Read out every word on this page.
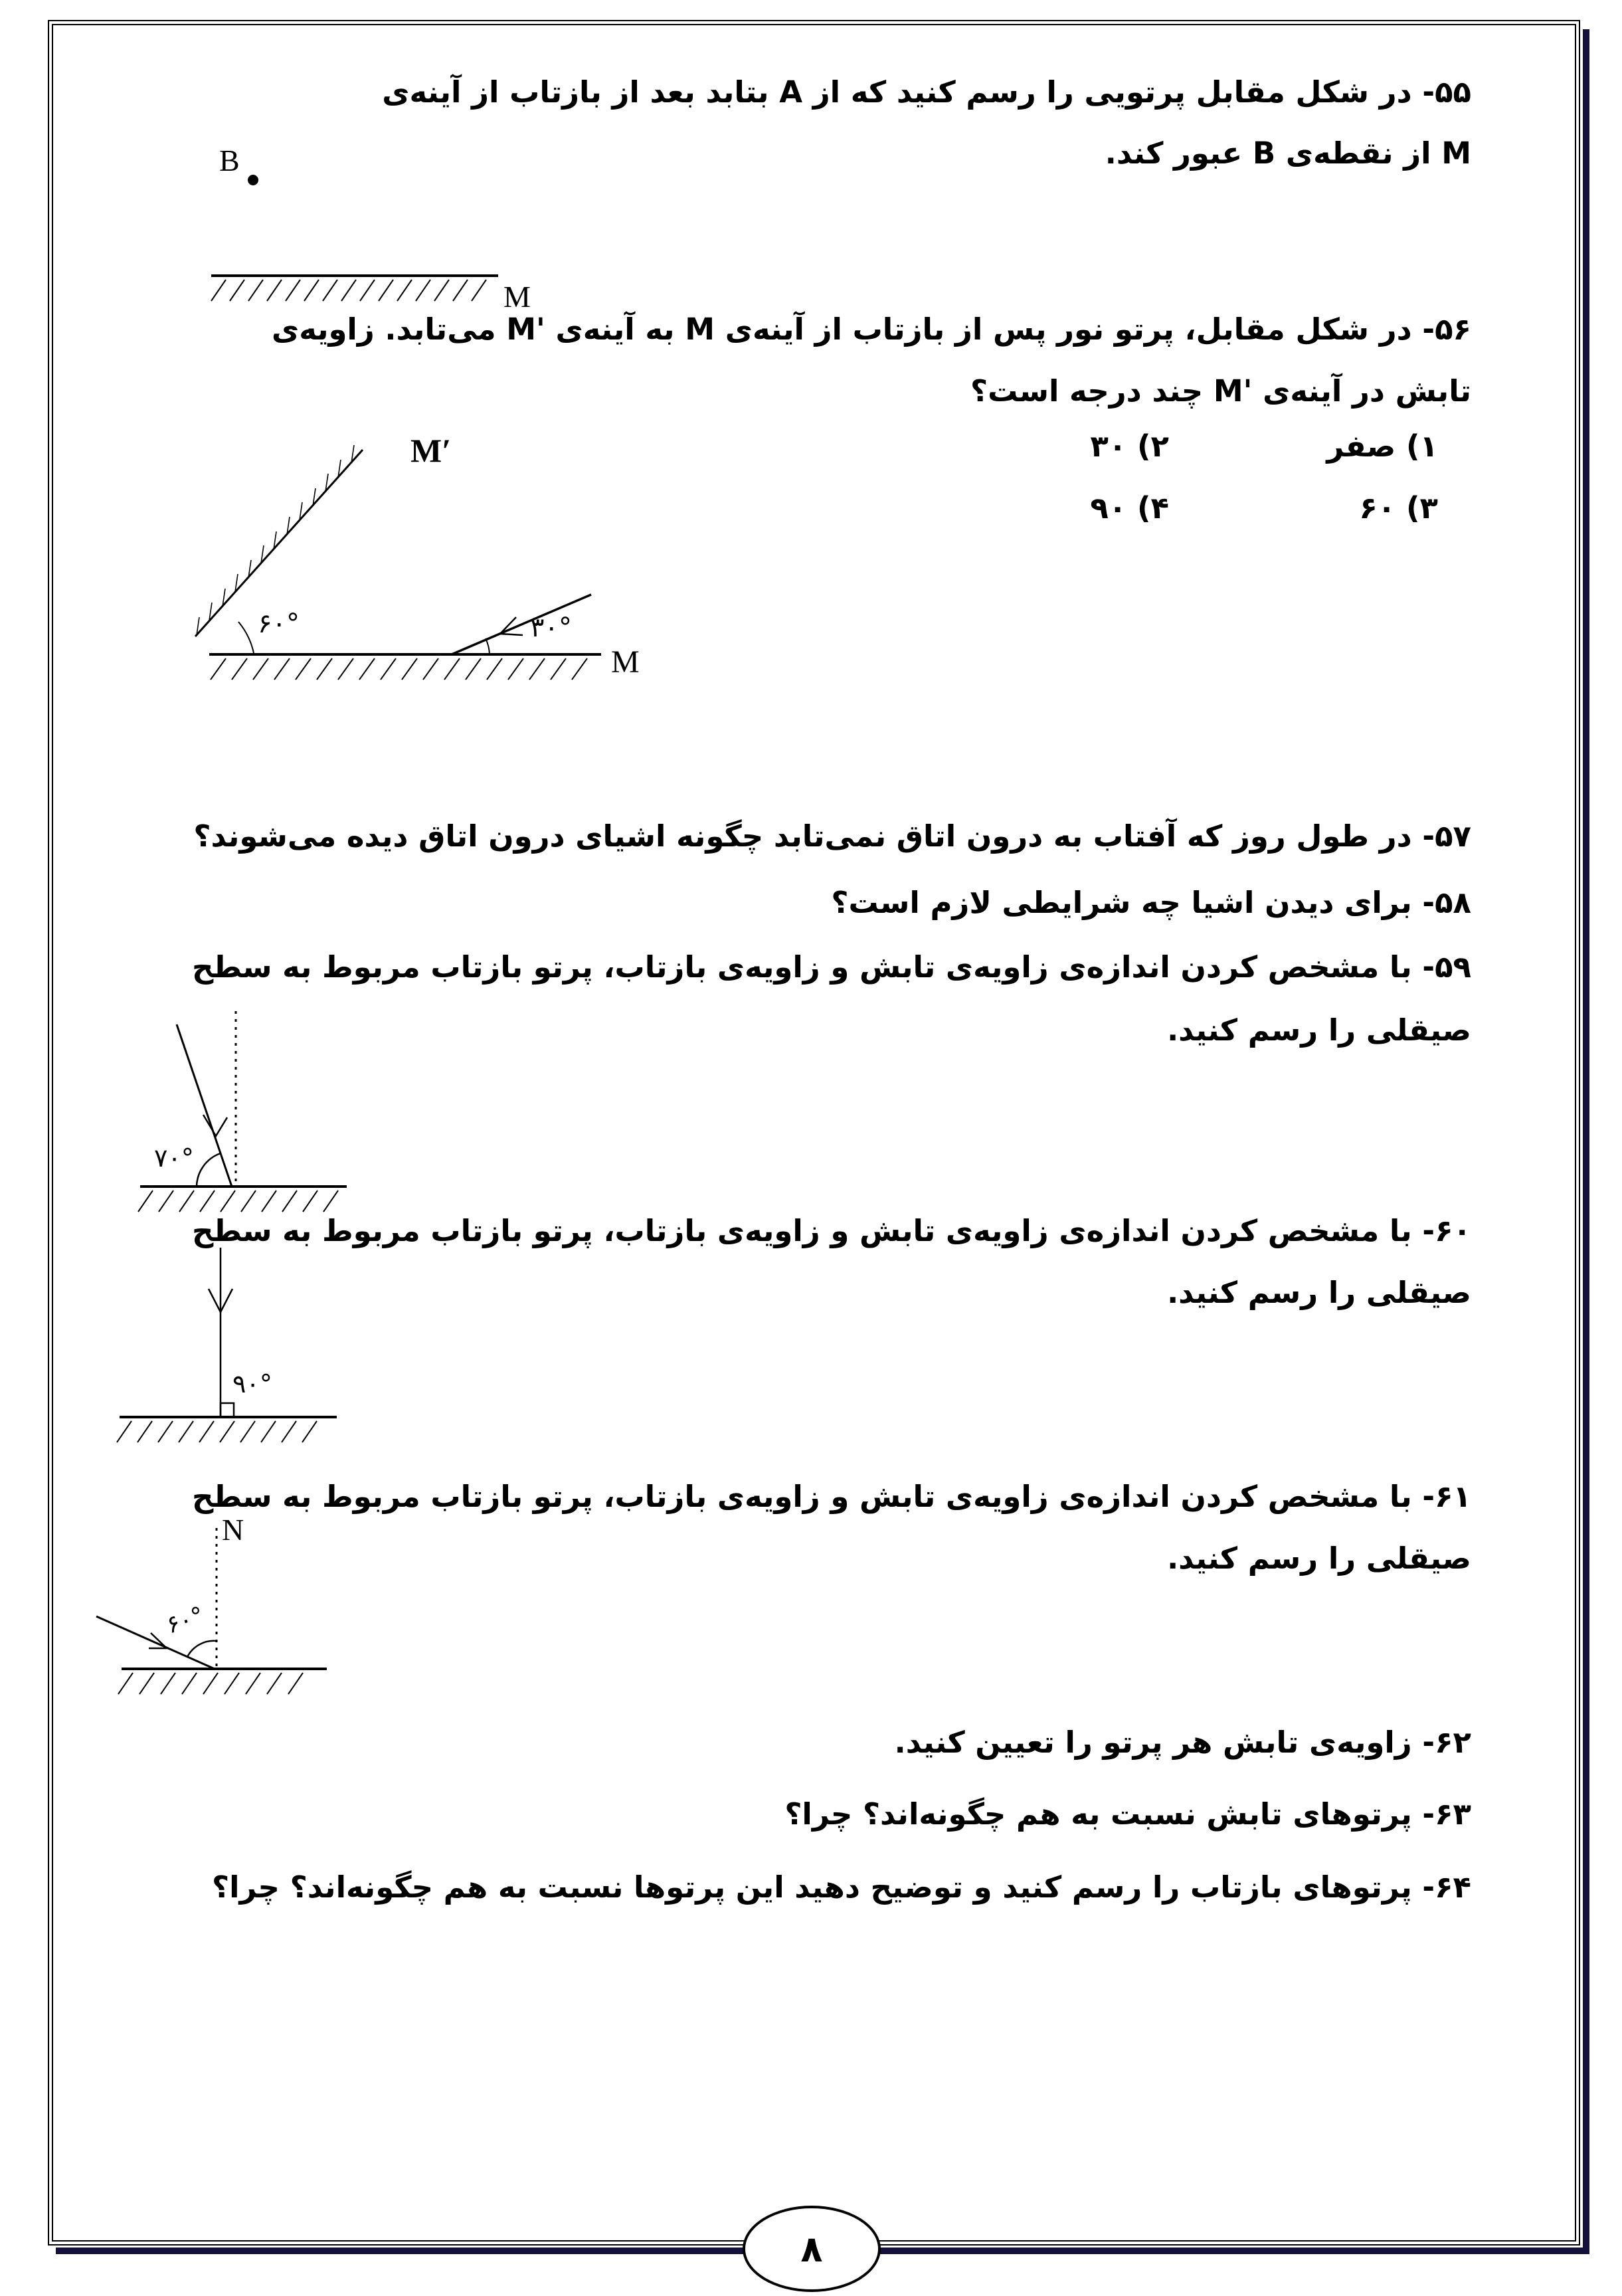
۵۵- در شکل مقابل پرتویی را رسم کنید که از A بتابد بعد از بازتاب از آینه‌ی
M از نقطه‌ی B عبور کند.
B
M
۵۶- در شکل مقابل، پرتو نور پس از بازتاب از آینه‌ی M به آینه‌ی M'‎ می‌تابد. زاویه‌ی
تابش در آینه‌ی M'‎ چند درجه است؟
۱) صفر
۲) ۳۰
۳) ۶۰
۴) ۹۰
M′
M
۶۰°	۳۰°
۵۷- در طول روز که آفتاب به درون اتاق نمی‌تابد چگونه اشیای درون اتاق دیده می‌شوند؟
۵۸- برای دیدن اشیا چه شرایطی لازم است؟
۵۹- با مشخص کردن اندازه‌ی زاویه‌ی تابش و زاویه‌ی بازتاب، پرتو بازتاب مربوط به سطح
صیقلی را رسم کنید.
۷۰°
۶۰- با مشخص کردن اندازه‌ی زاویه‌ی تابش و زاویه‌ی بازتاب، پرتو بازتاب مربوط به سطح
صیقلی را رسم کنید.
۹۰°
۶۱- با مشخص کردن اندازه‌ی زاویه‌ی تابش و زاویه‌ی بازتاب، پرتو بازتاب مربوط به سطح
صیقلی را رسم کنید.
N
۶۰°
۶۲- زاویه‌ی تابش هر پرتو را تعیین کنید.
۶۳- پرتوهای تابش نسبت به هم چگونه‌اند؟ چرا؟
۶۴- پرتوهای بازتاب را رسم کنید و توضیح دهید این پرتوها نسبت به هم چگونه‌اند؟ چرا؟
۸
